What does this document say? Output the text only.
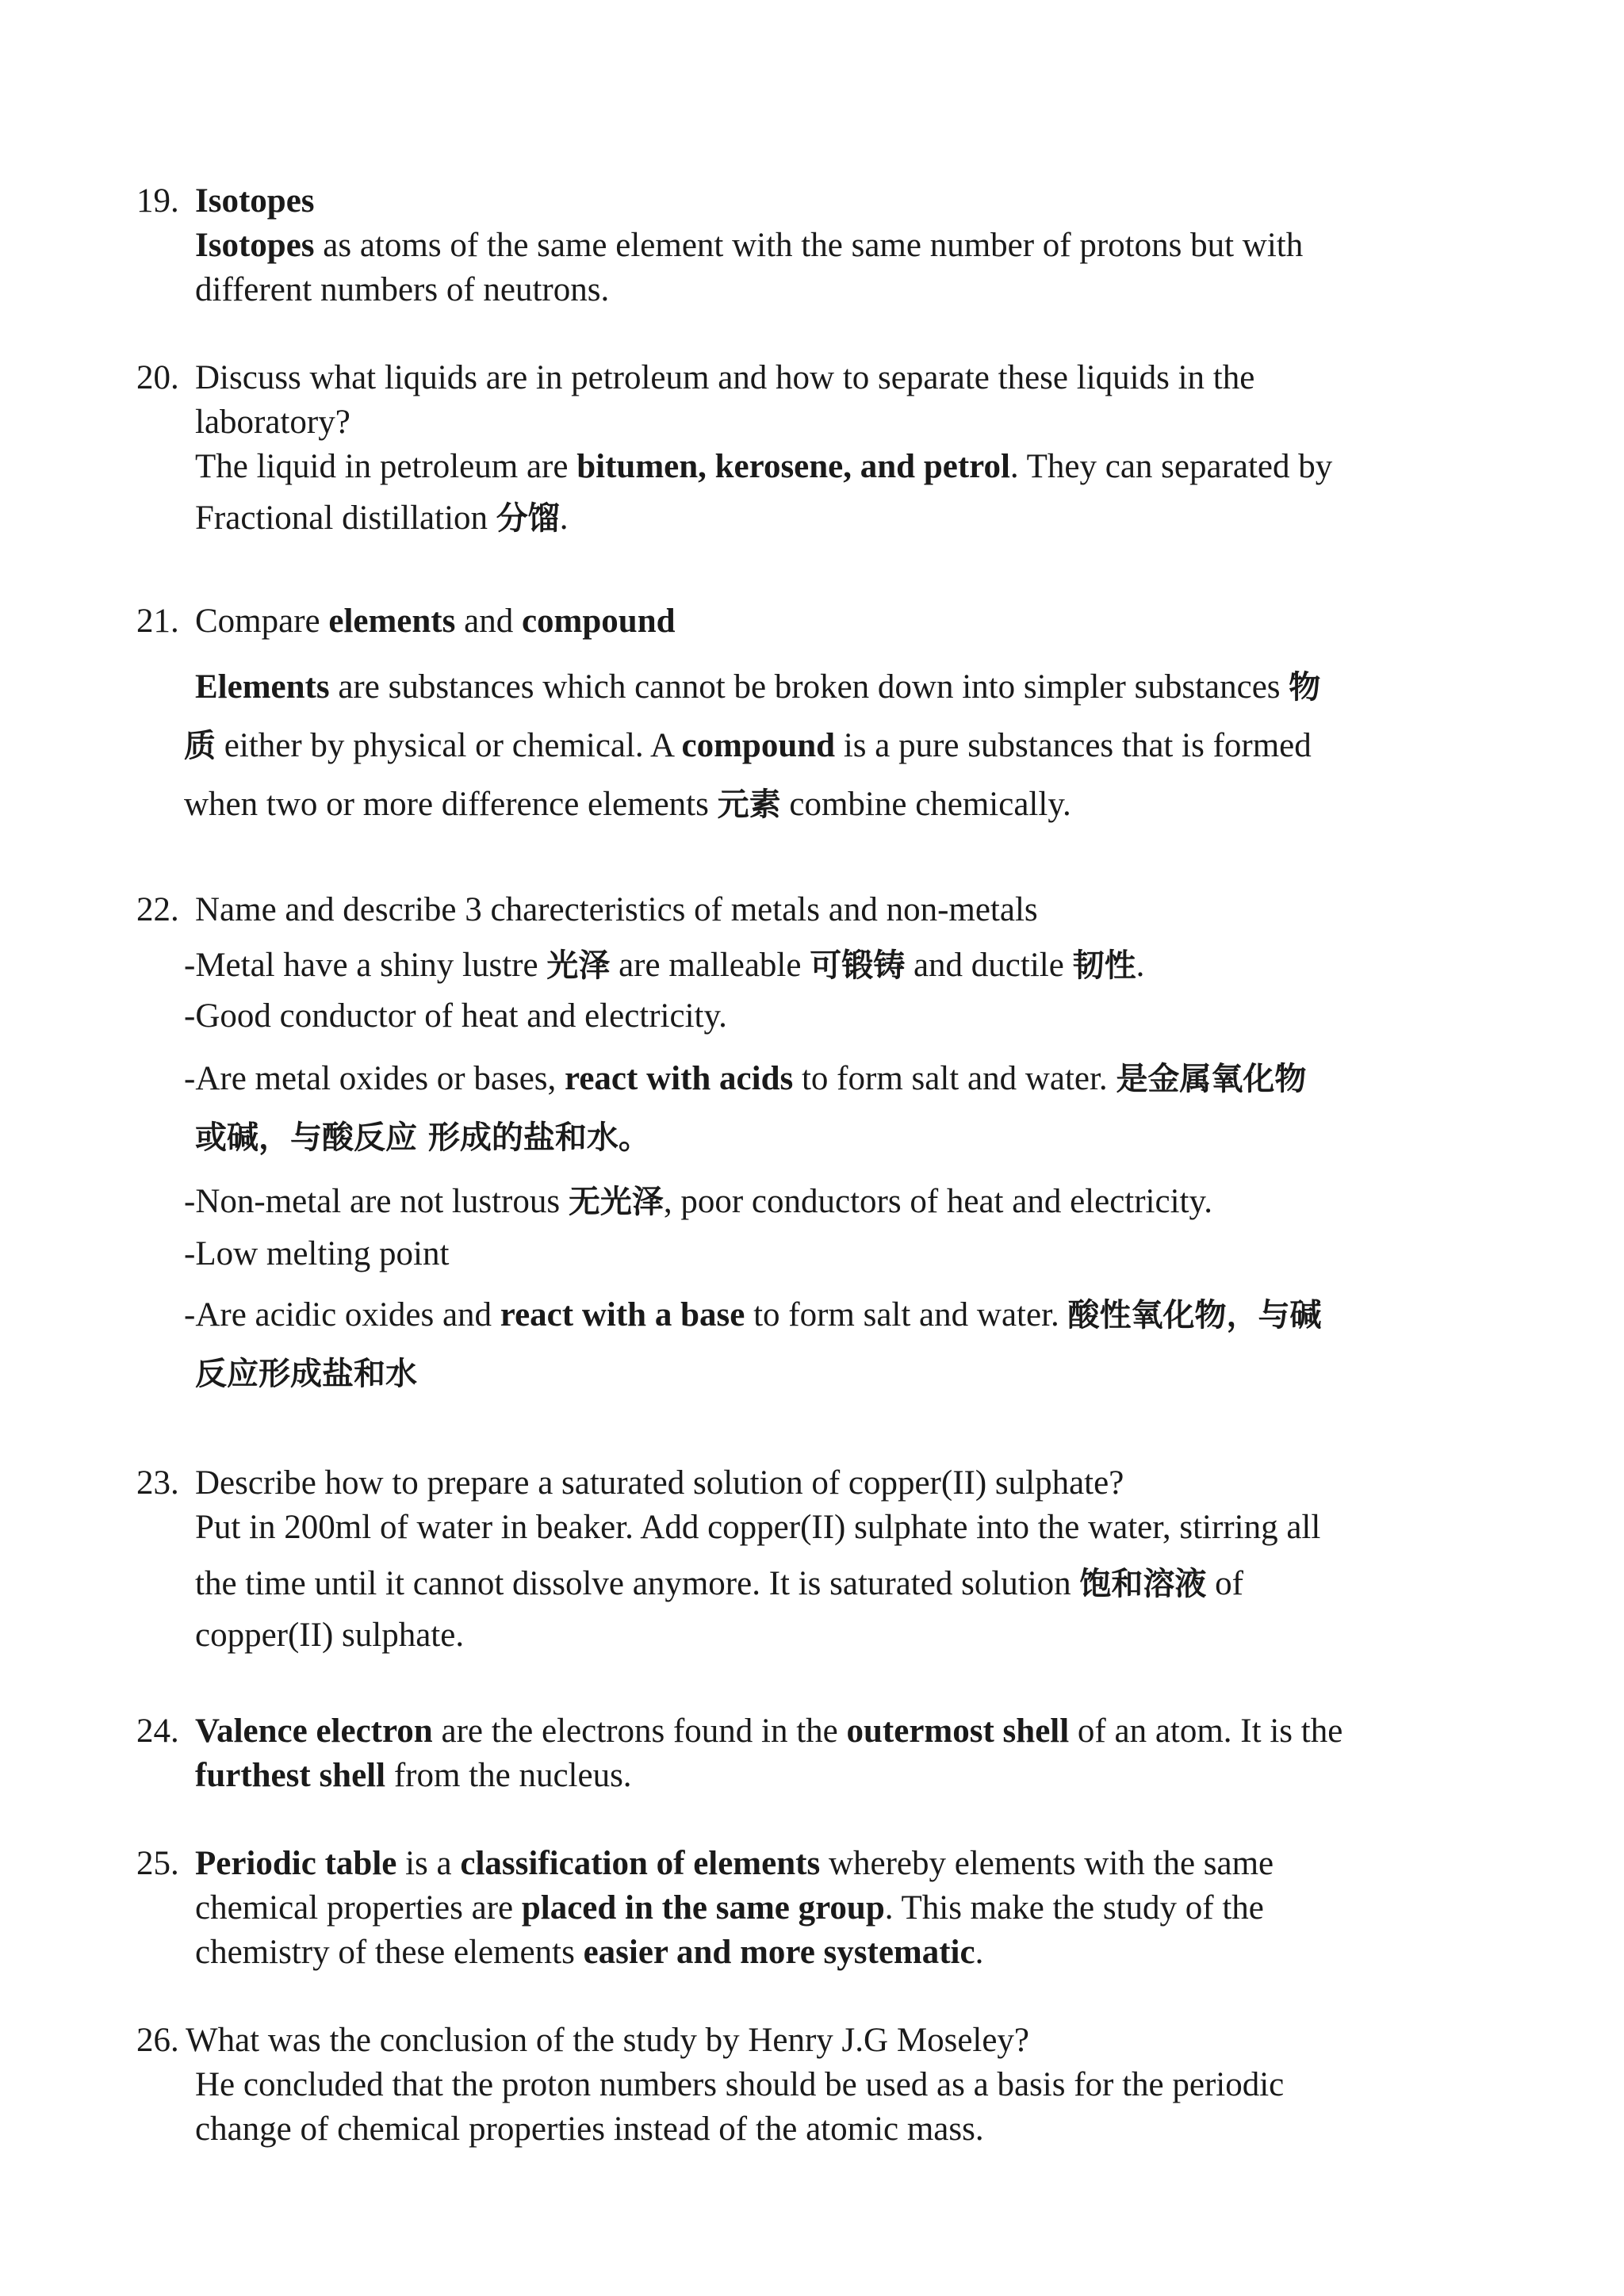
19. Isotopes
Isotopes as atoms of the same element with the same number of protons but with
different numbers of neutrons.
20. Discuss what liquids are in petroleum and how to separate these liquids in the
laboratory?
The liquid in petroleum are bitumen, kerosene, and petrol. They can separated by
Fractional distillation 分馏.
21. Compare elements and compound
Elements are substances which cannot be broken down into simpler substances 物
质 either by physical or chemical. A compound is a pure substances that is formed
when two or more difference elements 元素 combine chemically.
22. Name and describe 3 charecteristics of metals and non-metals
-Metal have a shiny lustre 光泽 are malleable 可锻铸 and ductile 韧性.
-Good conductor of heat and electricity.
-Are metal oxides or bases, react with acids to form salt and water. 是金属氧化物
或碱，与酸反应 形成的盐和水。
-Non-metal are not lustrous 无光泽, poor conductors of heat and electricity.
-Low melting point
-Are acidic oxides and react with a base to form salt and water. 酸性氧化物，与碱
反应形成盐和水
23. Describe how to prepare a saturated solution of copper(II) sulphate?
Put in 200ml of water in beaker. Add copper(II) sulphate into the water, stirring all
the time until it cannot dissolve anymore. It is saturated solution 饱和溶液 of
copper(II) sulphate.
24. Valence electron are the electrons found in the outermost shell of an atom. It is the
furthest shell from the nucleus.
25. Periodic table is a classification of elements whereby elements with the same
chemical properties are placed in the same group. This make the study of the
chemistry of these elements easier and more systematic.
26. What was the conclusion of the study by Henry J.G Moseley?
He concluded that the proton numbers should be used as a basis for the periodic
change of chemical properties instead of the atomic mass.
